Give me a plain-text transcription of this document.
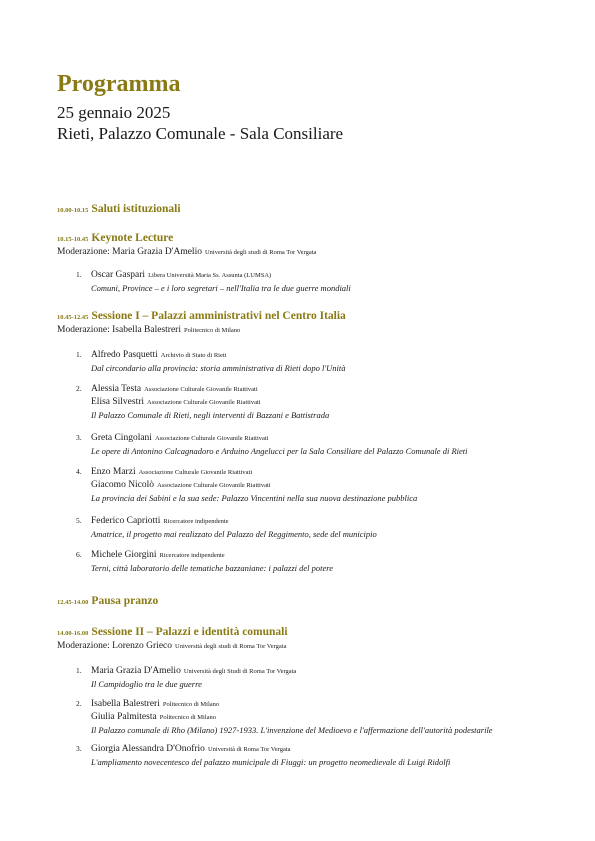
Programma
25 gennaio 2025
Rieti, Palazzo Comunale - Sala Consiliare
10.00-10.15 Saluti istituzionali
10.15-10.45 Keynote Lecture
Moderazione: Maria Grazia D'Amelio Università degli studi di Roma Tor Vergata
1. Oscar Gaspari Libera Università Maria Ss. Assunta (LUMSA)
Comuni, Province – e i loro segretari – nell'Italia tra le due guerre mondiali
10.45-12.45 Sessione I – Palazzi amministrativi nel Centro Italia
Moderazione: Isabella Balestreri Politecnico di Milano
1. Alfredo Pasquetti Archivio di Stato di Rieti
Dal circondario alla provincia: storia amministrativa di Rieti dopo l'Unità
2. Alessia Testa Associazione Culturale Giovanile Riattivati
Elisa Silvestri Associazione Culturale Giovanile Riattivati
Il Palazzo Comunale di Rieti, negli interventi di Bazzani e Battistrada
3. Greta Cingolani Associazione Culturale Giovanile Riattivati
Le opere di Antonino Calcagnadoro e Arduino Angelucci per la Sala Consiliare del Palazzo Comunale di Rieti
4. Enzo Marzi Associazione Culturale Giovanile Riattivati
Giacomo Nicolò Associazione Culturale Giovanile Riattivati
La provincia dei Sabini e la sua sede: Palazzo Vincentini nella sua nuova destinazione pubblica
5. Federico Capriotti Ricercatore indipendente
Amatrice, il progetto mai realizzato del Palazzo del Reggimento, sede del municipio
6. Michele Giorgini Ricercatore indipendente
Terni, città laboratorio delle tematiche bazzaniane: i palazzi del potere
12.45-14.00 Pausa pranzo
14.00-16.00 Sessione II – Palazzi e identità comunali
Moderazione: Lorenzo Grieco Università degli studi di Roma Tor Vergata
1. Maria Grazia D'Amelio Università degli Studi di Roma Tor Vergata
Il Campidoglio tra le due guerre
2. Isabella Balestreri Politecnico di Milano
Giulia Palmitesta Politecnico di Milano
Il Palazzo comunale di Rho (Milano) 1927-1933. L'invenzione del Medioevo e l'affermazione dell'autorità podestarile
3. Giorgia Alessandra D'Onofrio Università di Roma Tor Vergata
L'ampliamento novecentesco del palazzo municipale di Fiuggi: un progetto neomedievale di Luigi Ridolfi
